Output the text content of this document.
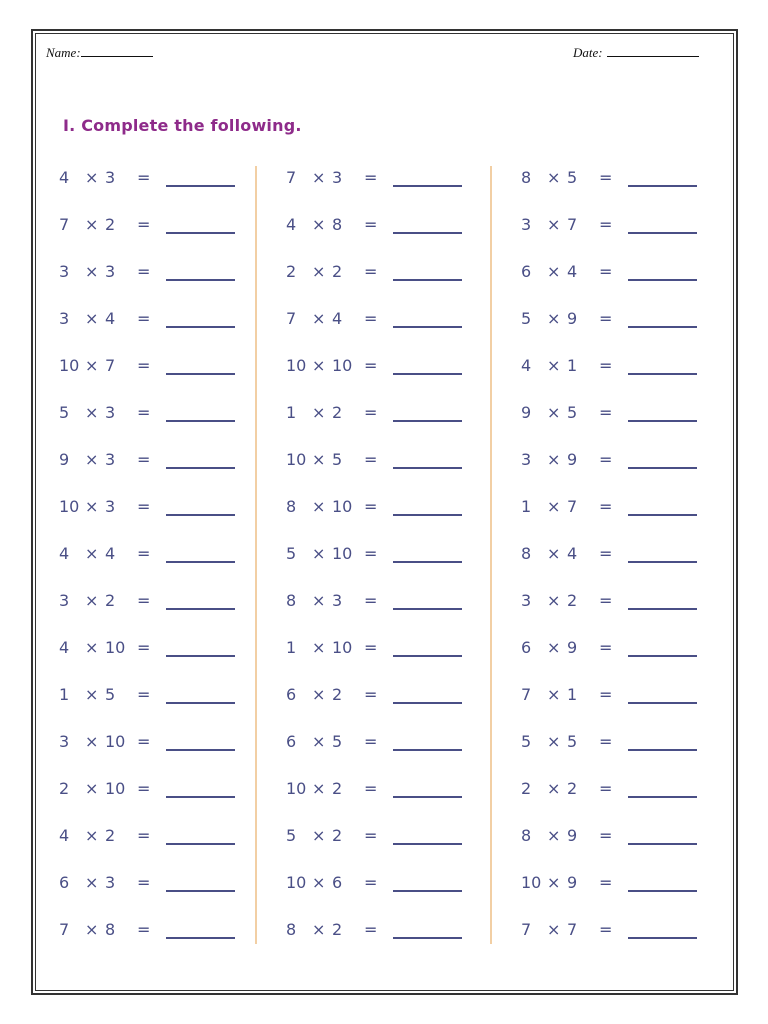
Name:	Date:
I. Complete the following.
4 × 3 =
7 × 2 =
3 × 3 =
3 × 4 =
10 × 7 =
5 × 3 =
9 × 3 =
10 × 3 =
4 × 4 =
3 × 2 =
4 × 10 =
1 × 5 =
3 × 10 =
2 × 10 =
4 × 2 =
6 × 3 =
7 × 8 =
7 × 3 =
4 × 8 =
2 × 2 =
7 × 4 =
10 × 10 =
1 × 2 =
10 × 5 =
8 × 10 =
5 × 10 =
8 × 3 =
1 × 10 =
6 × 2 =
6 × 5 =
10 × 2 =
5 × 2 =
10 × 6 =
8 × 2 =
8 × 5 =
3 × 7 =
6 × 4 =
5 × 9 =
4 × 1 =
9 × 5 =
3 × 9 =
1 × 7 =
8 × 4 =
3 × 2 =
6 × 9 =
7 × 1 =
5 × 5 =
2 × 2 =
8 × 9 =
10 × 9 =
7 × 7 =
